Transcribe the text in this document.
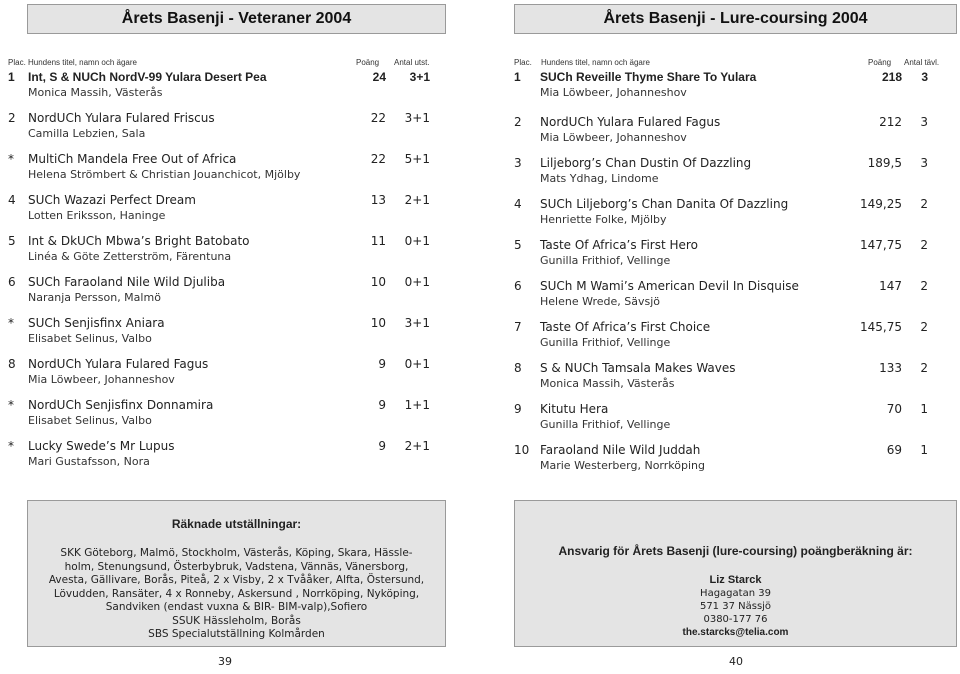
Årets Basenji - Veteraner 2004
Plac. Hundens titel, namn och ägare	Poäng Antal utst.
1 Int, S & NUCh NordV-99 Yulara Desert Pea
Monica Massih, Västerås
24	3+1
2 NordUCh Yulara Fulared Friscus
Camilla Lebzien, Sala
22	3+1
* MultiCh Mandela Free Out of Africa
Helena Strömbert & Christian Jouanchicot, Mjölby
22	5+1
4 SUCh Wazazi Perfect Dream
Lotten Eriksson, Haninge
13	2+1
5 Int & DkUCh Mbwa’s Bright Batobato
Linéa & Göte Zetterström, Färentuna
11	0+1
6 SUCh Faraoland Nile Wild Djuliba
Naranja Persson, Malmö
10	0+1
* SUCh Senjisfinx Aniara
Elisabet Selinus, Valbo
10	3+1
8 NordUCh Yulara Fulared Fagus
Mia Löwbeer, Johanneshov
9	0+1
* NordUCh Senjisfinx Donnamira
Elisabet Selinus, Valbo
9	1+1
* Lucky Swede’s Mr Lupus
Mari Gustafsson, Nora
9	2+1
Räknade utställningar:
SKK Göteborg, Malmö, Stockholm, Västerås, Köping, Skara, Hässle-
holm, Stenungsund, Österbybruk, Vadstena, Vännäs, Vänersborg,
Avesta, Gällivare, Borås, Piteå, 2 x Visby, 2 x Tvååker, Alfta, Östersund,
Lövudden, Ransäter, 4 x Ronneby, Askersund , Norrköping, Nyköping,
Sandviken (endast vuxna & BIR- BIM-valp),Sofiero
SSUK Hässleholm, Borås
SBS Specialutställning Kolmården
39
Årets Basenji - Lure-coursing 2004
Plac. Hundens titel, namn och ägare	Poäng Antal tävl.
1 SUCh Reveille Thyme Share To Yulara
Mia Löwbeer, Johanneshov
218	3
2 NordUCh Yulara Fulared Fagus
Mia Löwbeer, Johanneshov
212	3
3 Liljeborg’s Chan Dustin Of Dazzling
Mats Ydhag, Lindome
189,5	3
4 SUCh Liljeborg’s Chan Danita Of Dazzling
Henriette Folke, Mjölby
149,25	2
5 Taste Of Africa’s First Hero
Gunilla Frithiof, Vellinge
147,75	2
6 SUCh M Wami’s American Devil In Disquise
Helene Wrede, Sävsjö
147	2
7 Taste Of Africa’s First Choice
Gunilla Frithiof, Vellinge
145,75	2
8 S & NUCh Tamsala Makes Waves
Monica Massih, Västerås
133	2
9 Kitutu Hera
Gunilla Frithiof, Vellinge
70	1
10 Faraoland Nile Wild Juddah
Marie Westerberg, Norrköping
69	1
Ansvarig för Årets Basenji (lure-coursing) poängberäkning är:
Liz Starck
Hagagatan 39
571 37 Nässjö
0380-177 76
the.starcks@telia.com
40
